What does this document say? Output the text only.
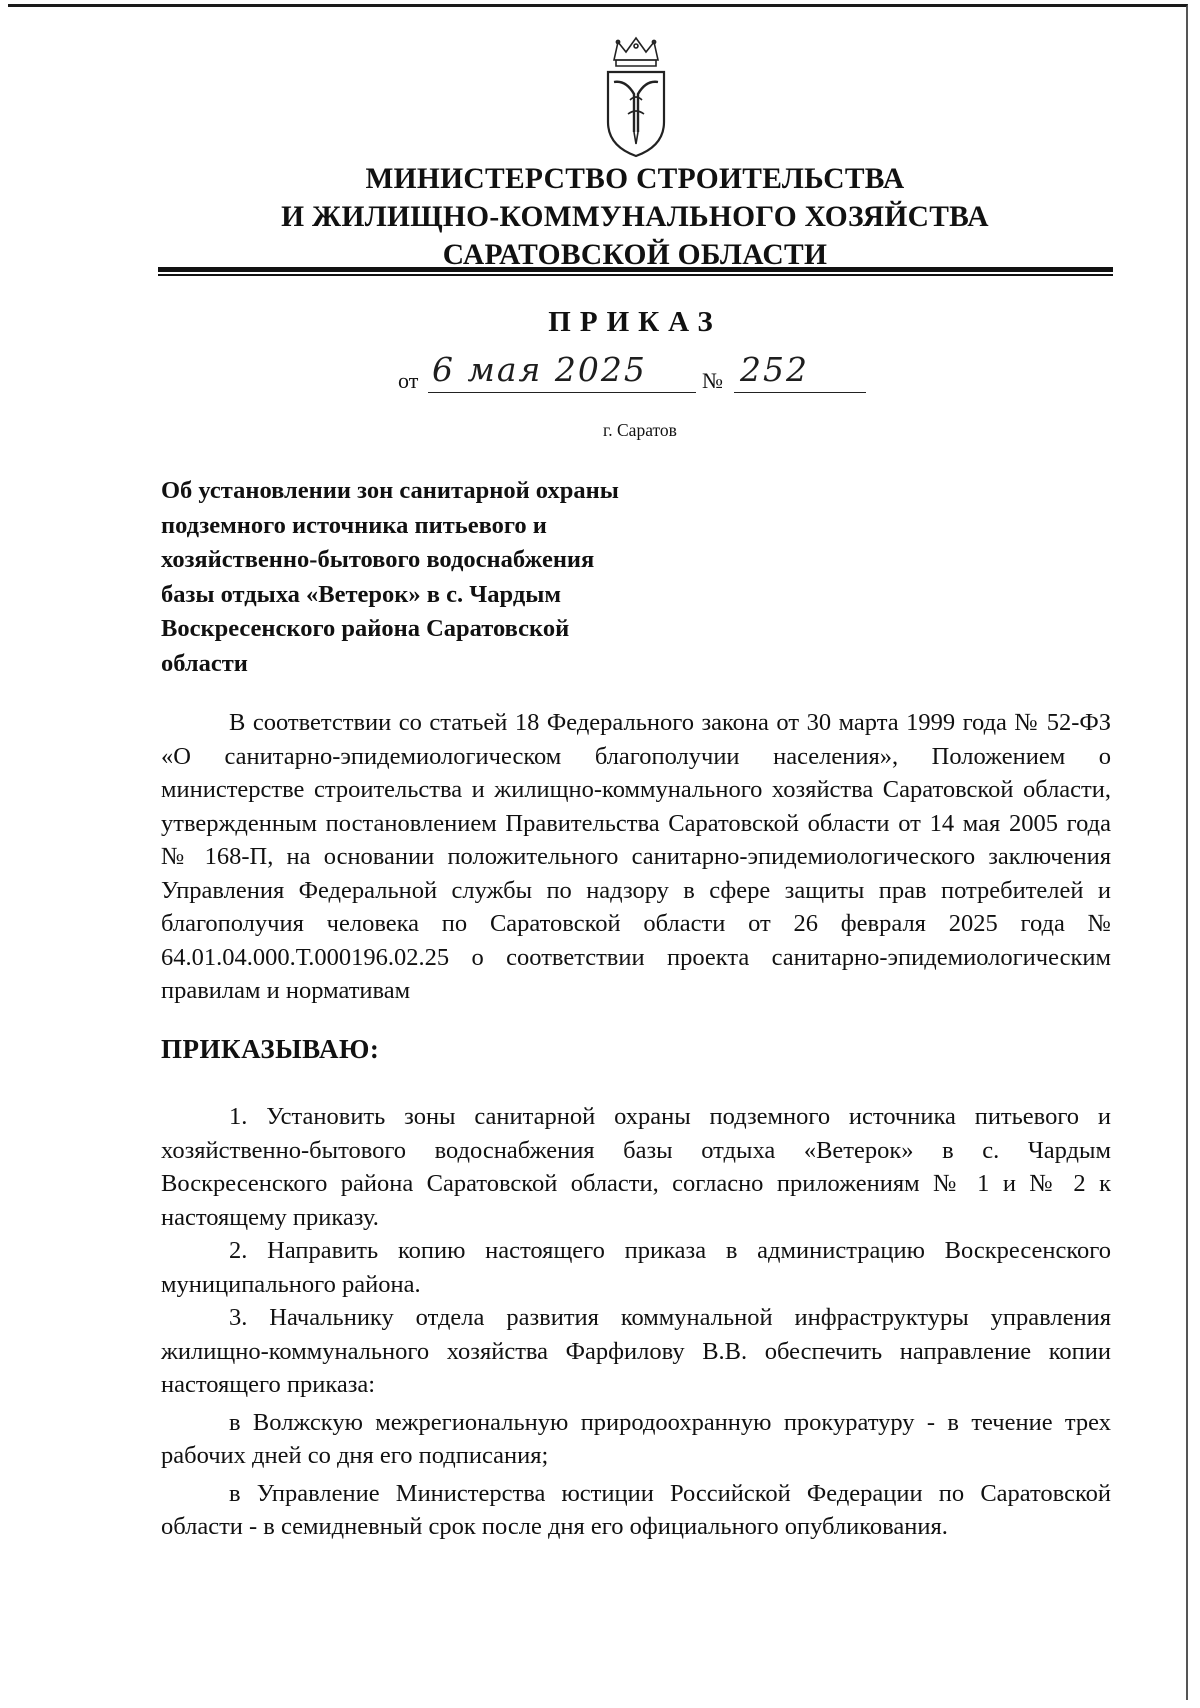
МИНИСТЕРСТВО СТРОИТЕЛЬСТВА
И ЖИЛИЩНО-КОММУНАЛЬНОГО ХОЗЯЙСТВА
САРАТОВСКОЙ ОБЛАСТИ
ПРИКАЗ
от 6 мая 2025	№ 252
г. Саратов
Об установлении зон санитарной охраны
подземного источника питьевого и
хозяйственно-бытового водоснабжения
базы отдыха «Ветерок» в с. Чардым
Воскресенского района Саратовской
области

В соответствии со статьей 18 Федерального закона от 30 марта 1999 года № 52-ФЗ «О санитарно-эпидемиологическом благополучии населения», Положением о министерстве строительства и жилищно-коммунального хозяйства Саратовской области, утвержденным постановлением Правительства Саратовской области от 14 мая 2005 года № 168-П, на основании положительного санитарно-эпидемиологического заключения Управления Федеральной службы по надзору в сфере защиты прав потребителей и благополучия человека по Саратовской области от 26 февраля 2025 года № 64.01.04.000.Т.000196.02.25 о соответствии проекта санитарно-эпидемиологическим правилам и нормативам

ПРИКАЗЫВАЮ:

1. Установить зоны санитарной охраны подземного источника питьевого и хозяйственно-бытового водоснабжения базы отдыха «Ветерок» в с. Чардым Воскресенского района Саратовской области, согласно приложениям № 1 и № 2 к настоящему приказу.

2. Направить копию настоящего приказа в администрацию Воскресенского муниципального района.

3. Начальнику отдела развития коммунальной инфраструктуры управления жилищно-коммунального хозяйства Фарфилову В.В. обеспечить направление копии настоящего приказа:

в Волжскую межрегиональную природоохранную прокуратуру - в течение трех рабочих дней со дня его подписания;

в Управление Министерства юстиции Российской Федерации по Саратовской области - в семидневный срок после дня его официального опубликования.
